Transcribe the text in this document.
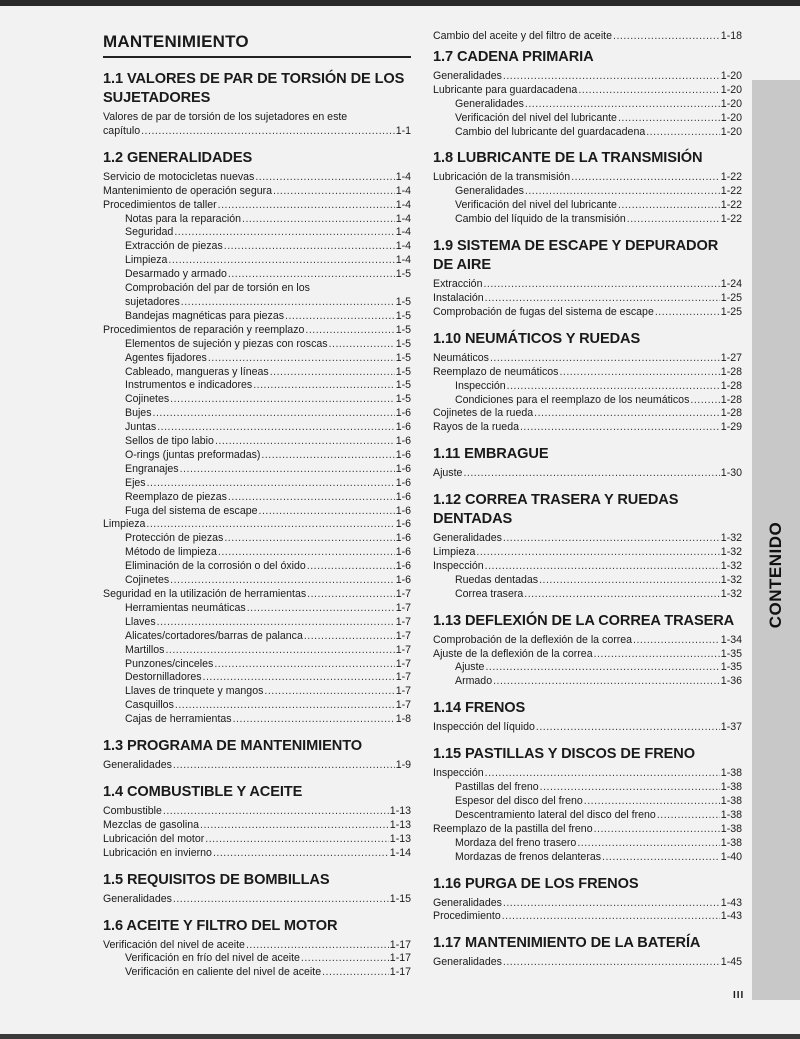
MANTENIMIENTO
1.1 VALORES DE PAR DE TORSIÓN DE LOS SUJETADORES
Valores de par de torsión de los sujetadores en este
capítulo .....	1-1
1.2 GENERALIDADES
Servicio de motocicletas nuevas .....	1-4
Mantenimiento de operación segura .....	1-4
Procedimientos de taller .....	1-4
Notas para la reparación .....	1-4
Seguridad .....	1-4
Extracción de piezas .....	1-4
Limpieza .....	1-4
Desarmado y armado .....	1-5
Comprobación del par de torsión en los
sujetadores .....	1-5
Bandejas magnéticas para piezas .....	1-5
Procedimientos de reparación y reemplazo .....	1-5
Elementos de sujeción y piezas con roscas .....	1-5
Agentes fijadores .....	1-5
Cableado, mangueras y líneas .....	1-5
Instrumentos e indicadores .....	1-5
Cojinetes .....	1-5
Bujes .....	1-6
Juntas .....	1-6
Sellos de tipo labio .....	1-6
O-rings (juntas preformadas) .....	1-6
Engranajes .....	1-6
Ejes .....	1-6
Reemplazo de piezas .....	1-6
Fuga del sistema de escape .....	1-6
Limpieza .....	1-6
Protección de piezas .....	1-6
Método de limpieza .....	1-6
Eliminación de la corrosión o del óxido .....	1-6
Cojinetes .....	1-6
Seguridad en la utilización de herramientas .....	1-7
Herramientas neumáticas .....	1-7
Llaves .....	1-7
Alicates/cortadores/barras de palanca .....	1-7
Martillos .....	1-7
Punzones/cinceles .....	1-7
Destornilladores .....	1-7
Llaves de trinquete y mangos .....	1-7
Casquillos .....	1-7
Cajas de herramientas .....	1-8
1.3 PROGRAMA DE MANTENIMIENTO
Generalidades .....	1-9
1.4 COMBUSTIBLE Y ACEITE
Combustible .....	1-13
Mezclas de gasolina .....	1-13
Lubricación del motor .....	1-13
Lubricación en invierno .....	1-14
1.5 REQUISITOS DE BOMBILLAS
Generalidades .....	1-15
1.6 ACEITE Y FILTRO DEL MOTOR
Verificación del nivel de aceite .....	1-17
Verificación en frío del nivel de aceite .....	1-17
Verificación en caliente del nivel de aceite .....	1-17
Cambio del aceite y del filtro de aceite .....	1-18
1.7 CADENA PRIMARIA
Generalidades .....	1-20
Lubricante para guardacadena .....	1-20
Generalidades .....	1-20
Verificación del nivel del lubricante .....	1-20
Cambio del lubricante del guardacadena .....	1-20
1.8 LUBRICANTE DE LA TRANSMISIÓN
Lubricación de la transmisión .....	1-22
Generalidades .....	1-22
Verificación del nivel del lubricante .....	1-22
Cambio del líquido de la transmisión .....	1-22
1.9 SISTEMA DE ESCAPE Y DEPURADOR DE AIRE
Extracción .....	1-24
Instalación .....	1-25
Comprobación de fugas del sistema de escape .....	1-25
1.10 NEUMÁTICOS Y RUEDAS
Neumáticos .....	1-27
Reemplazo de neumáticos .....	1-28
Inspección .....	1-28
Condiciones para el reemplazo de los neumáticos .....	1-28
Cojinetes de la rueda .....	1-28
Rayos de la rueda .....	1-29
1.11 EMBRAGUE
Ajuste .....	1-30
1.12 CORREA TRASERA Y RUEDAS DENTADAS
Generalidades .....	1-32
Limpieza .....	1-32
Inspección .....	1-32
Ruedas dentadas .....	1-32
Correa trasera .....	1-32
1.13 DEFLEXIÓN DE LA CORREA TRASERA
Comprobación de la deflexión de la correa .....	1-34
Ajuste de la deflexión de la correa .....	1-35
Ajuste .....	1-35
Armado .....	1-36
1.14 FRENOS
Inspección del líquido .....	1-37
1.15 PASTILLAS Y DISCOS DE FRENO
Inspección .....	1-38
Pastillas del freno .....	1-38
Espesor del disco del freno .....	1-38
Descentramiento lateral del disco del freno .....	1-38
Reemplazo de la pastilla del freno .....	1-38
Mordaza del freno trasero .....	1-38
Mordazas de frenos delanteras .....	1-40
1.16 PURGA DE LOS FRENOS
Generalidades .....	1-43
Procedimiento .....	1-43
1.17 MANTENIMIENTO DE LA BATERÍA
Generalidades .....	1-45
CONTENIDO
III
